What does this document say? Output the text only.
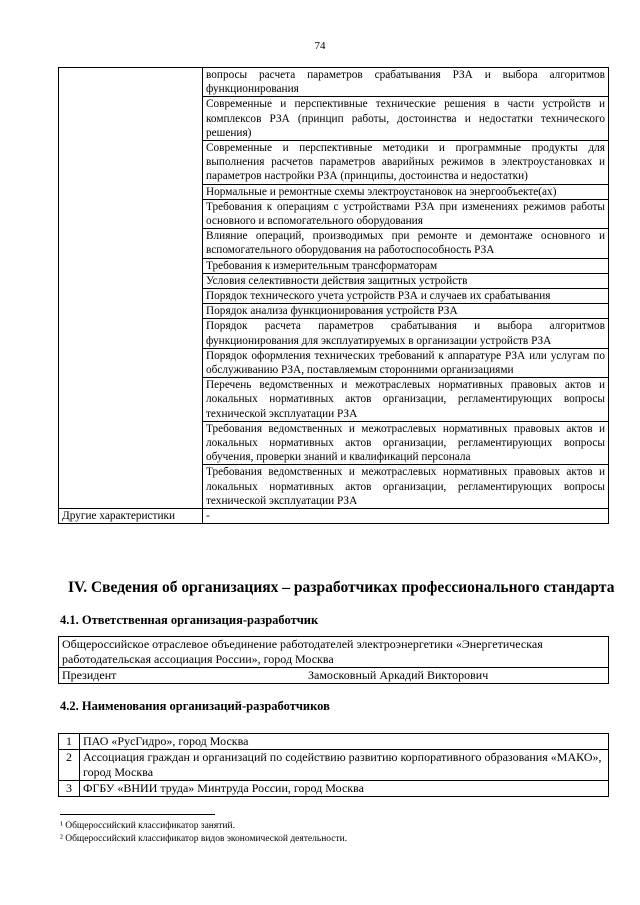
74
	вопросы расчета параметров срабатывания РЗА и выбора алгоритмов функционирования
	Современные и перспективные технические решения в части устройств и комплексов РЗА (принцип работы, достоинства и недостатки технического решения)
	Современные и перспективные методики и программные продукты для выполнения расчетов параметров аварийных режимов в электроустановках и параметров настройки РЗА (принципы, достоинства и недостатки)
	Нормальные и ремонтные схемы электроустановок на энергообъекте(ах)
	Требования к операциям с устройствами РЗА при изменениях режимов работы основного и вспомогательного оборудования
	Влияние операций, производимых при ремонте и демонтаже основного и вспомогательного оборудования на работоспособность РЗА
	Требования к измерительным трансформаторам
	Условия селективности действия защитных устройств
	Порядок технического учета устройств РЗА и случаев их срабатывания
	Порядок анализа функционирования устройств РЗА
	Порядок расчета параметров срабатывания и выбора алгоритмов функционирования для эксплуатируемых в организации устройств РЗА
	Порядок оформления технических требований к аппаратуре РЗА или услугам по обслуживанию РЗА, поставляемым сторонними организациями
	Перечень ведомственных и межотраслевых нормативных правовых актов и локальных нормативных актов организации, регламентирующих вопросы технической эксплуатации РЗА
	Требования ведомственных и межотраслевых нормативных правовых актов и локальных нормативных актов организации, регламентирующих вопросы обучения, проверки знаний и квалификаций персонала
	Требования ведомственных и межотраслевых нормативных правовых актов и локальных нормативных актов организации, регламентирующих вопросы технической эксплуатации РЗА
Другие характеристики	-
IV. Сведения об организациях – разработчиках профессионального стандарта
4.1. Ответственная организация-разработчик
Общероссийское отраслевое объединение работодателей электроэнергетики «Энергетическая работодательская ассоциация России», город Москва
Президент	Замосковный Аркадий Викторович
4.2. Наименования организаций-разработчиков
1	ПАО «РусГидро», город Москва
2	Ассоциация граждан и организаций по содействию развитию корпоративного образования «МАКО», город Москва
3	ФГБУ «ВНИИ труда» Минтруда России, город Москва
¹ Общероссийский классификатор занятий.
² Общероссийский классификатор видов экономической деятельности.
